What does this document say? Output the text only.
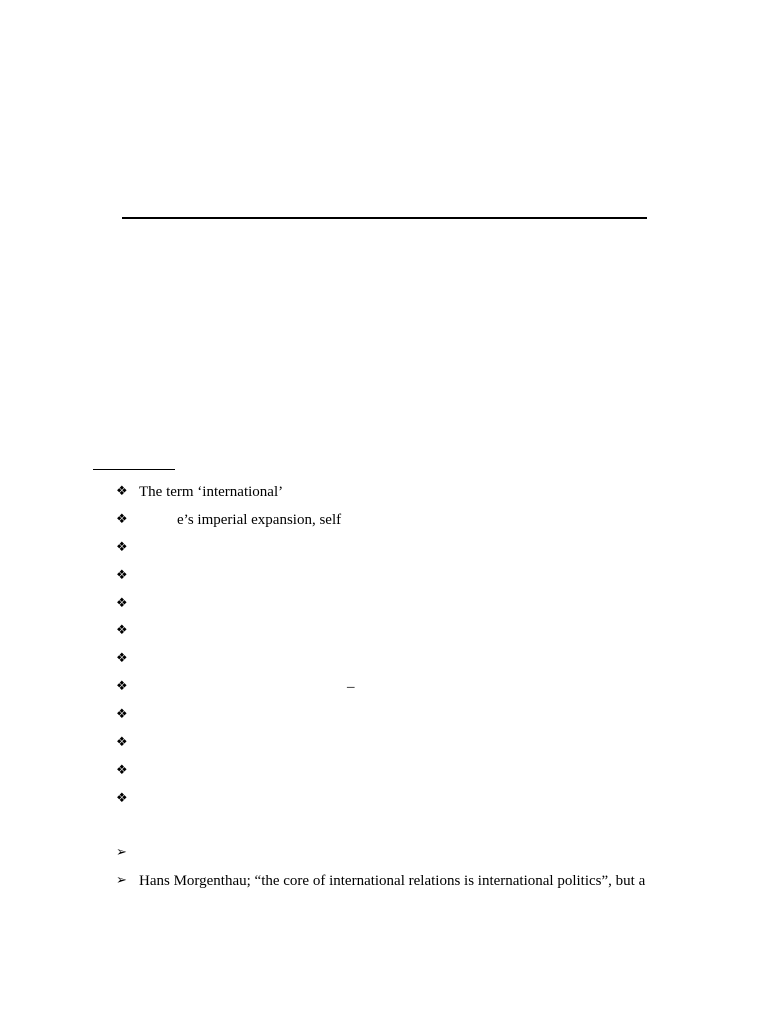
❖ The term ‘international’
❖	e’s imperial expansion, self
❖
❖
❖
❖
❖
❖	–
❖
❖
❖
❖
➢
➢ Hans Morgenthau; “the core of international relations is international politics”, but a
